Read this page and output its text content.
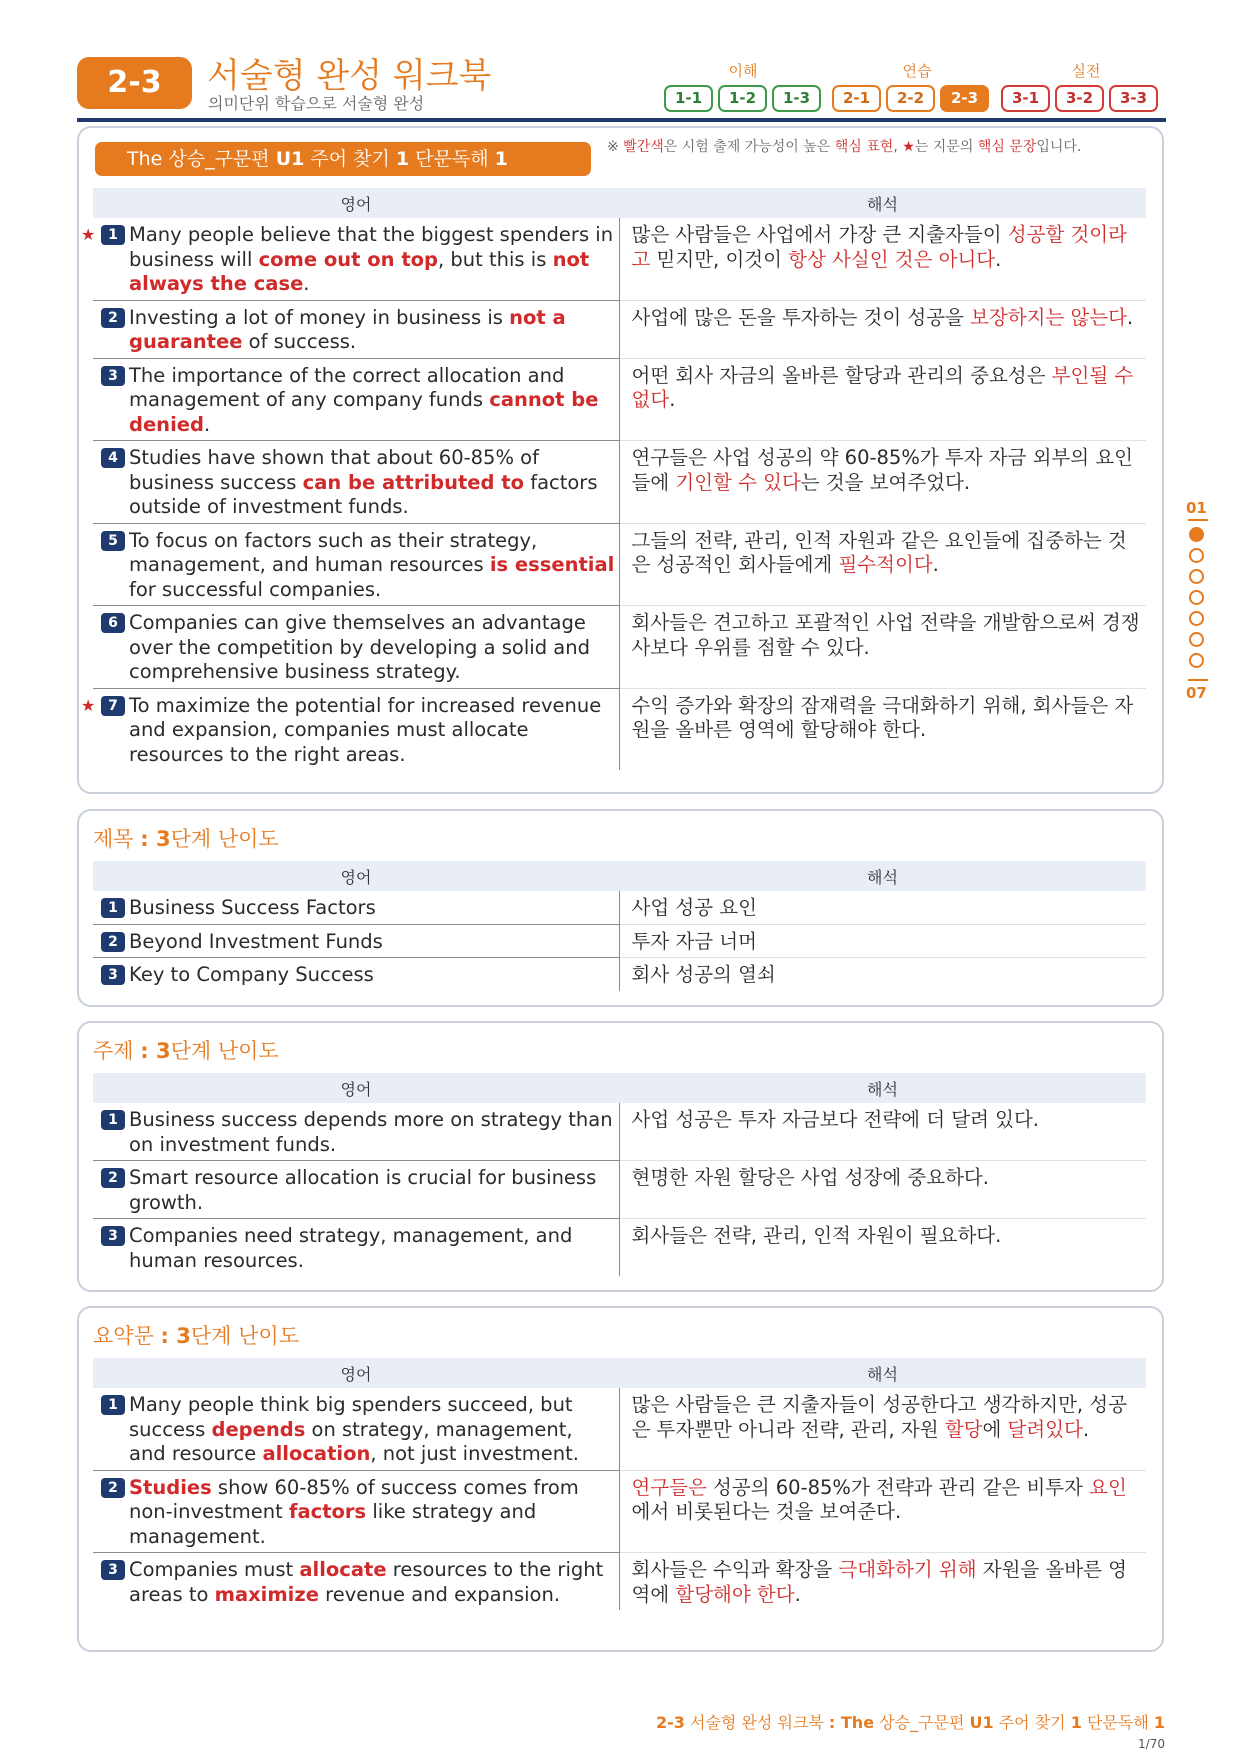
2-3	서술형 완성 워크북
의미단위 학습으로 서술형 완성
이해	연습	실전
1-1	1-2	1-3	2-1	2-2	2-3	3-1	3-2	3-3
The 상승_구문편 U1 주어 찾기 1 단문독해 1
※ 빨간색은 시험 출제 가능성이 높은 핵심 표현, ★는 지문의 핵심 문장입니다.
영어	해석

★ 1 Many people believe that the biggest spenders in business will come out on top, but this is not always the case.	많은 사람들은 사업에서 가장 큰 지출자들이 성공할 것이라고 믿지만, 이것이 항상 사실인 것은 아니다.

2 Investing a lot of money in business is not a guarantee of success.	사업에 많은 돈을 투자하는 것이 성공을 보장하지는 않는다.

3 The importance of the correct allocation and management of any company funds cannot be denied.	어떤 회사 자금의 올바른 할당과 관리의 중요성은 부인될 수 없다.

4 Studies have shown that about 60-85% of business success can be attributed to factors outside of investment funds.	연구들은 사업 성공의 약 60-85%가 투자 자금 외부의 요인들에 기인할 수 있다는 것을 보여주었다.

5 To focus on factors such as their strategy, management, and human resources is essential for successful companies.	그들의 전략, 관리, 인적 자원과 같은 요인들에 집중하는 것은 성공적인 회사들에게 필수적이다.

6 Companies can give themselves an advantage over the competition by developing a solid and comprehensive business strategy.	회사들은 견고하고 포괄적인 사업 전략을 개발함으로써 경쟁사보다 우위를 점할 수 있다.

★ 7 To maximize the potential for increased revenue and expansion, companies must allocate resources to the right areas.	수익 증가와 확장의 잠재력을 극대화하기 위해, 회사들은 자원을 올바른 영역에 할당해야 한다.
제목 : 3단계 난이도
영어	해석

1 Business Success Factors	사업 성공 요인

2 Beyond Investment Funds	투자 자금 너머

3 Key to Company Success	회사 성공의 열쇠
주제 : 3단계 난이도
영어	해석

1 Business success depends more on strategy than on investment funds.	사업 성공은 투자 자금보다 전략에 더 달려 있다.

2 Smart resource allocation is crucial for business growth.	현명한 자원 할당은 사업 성장에 중요하다.

3 Companies need strategy, management, and human resources.	회사들은 전략, 관리, 인적 자원이 필요하다.
요약문 : 3단계 난이도
영어	해석

1 Many people think big spenders succeed, but success depends on strategy, management, and resource allocation, not just investment.	많은 사람들은 큰 지출자들이 성공한다고 생각하지만, 성공은 투자뿐만 아니라 전략, 관리, 자원 할당에 달려있다.

2 Studies show 60-85% of success comes from non-investment factors like strategy and management.	연구들은 성공의 60-85%가 전략과 관리 같은 비투자 요인에서 비롯된다는 것을 보여준다.

3 Companies must allocate resources to the right areas to maximize revenue and expansion.	회사들은 수익과 확장을 극대화하기 위해 자원을 올바른 영역에 할당해야 한다.
01
07
2-3 서술형 완성 워크북 : The 상승_구문편 U1 주어 찾기 1 단문독해 1
1/70
